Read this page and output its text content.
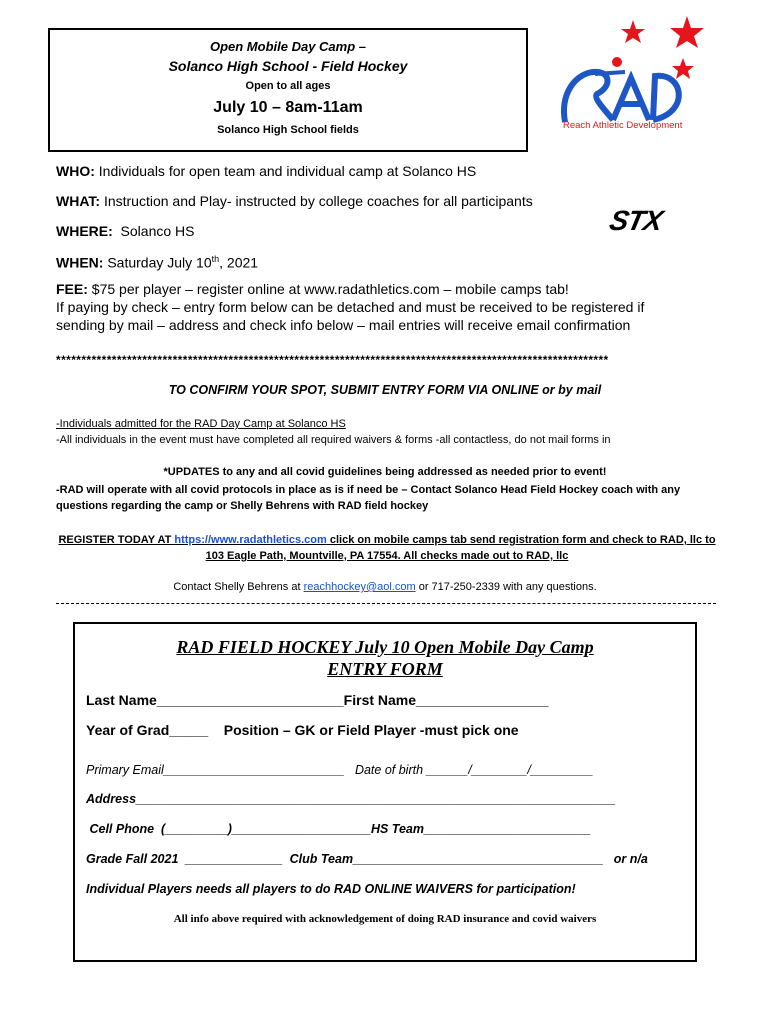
Open Mobile Day Camp –
Solanco High School - Field Hockey
Open to all ages
July 10 – 8am-11am
Solanco High School fields	Reach Athletic Development
STX
WHO: Individuals for open team and individual camp at Solanco HS
WHAT: Instruction and Play- instructed by college coaches for all participants
WHERE:  Solanco HS
WHEN: Saturday July 10th, 2021
FEE: $75 per player – register online at www.radathletics.com – mobile camps tab!
If paying by check – entry form below can be detached and must be received to be registered if
sending by mail – address and check info below – mail entries will receive email confirmation
*************************************************************************************************************
TO CONFIRM YOUR SPOT, SUBMIT ENTRY FORM VIA ONLINE or by mail
-Individuals admitted for the RAD Day Camp at Solanco HS
-All individuals in the event must have completed all required waivers & forms -all contactless, do not mail forms in
*UPDATES to any and all covid guidelines being addressed as needed prior to event!
-RAD will operate with all covid protocols in place as is if need be – Contact Solanco Head Field Hockey coach with any questions regarding the camp or Shelly Behrens with RAD field hockey
REGISTER TODAY AT https://www.radathletics.com click on mobile camps tab send registration form and check to RAD, llc to 103 Eagle Path, Mountville, PA 17554. All checks made out to RAD, llc
Contact Shelly Behrens at reachhockey@aol.com or 717-250-2339 with any questions.
RAD FIELD HOCKEY July 10 Open Mobile Day Camp
ENTRY FORM
Last Name________________________First Name_________________
Year of Grad_____    Position – GK or Field Player -must pick one
Primary Email__________________________   Date of birth ______/________/_________
Address_____________________________________________________________________
Cell Phone  (_________)____________________HS Team________________________
Grade Fall 2021  ______________  Club Team____________________________________   or n/a
Individual Players needs all players to do RAD ONLINE WAIVERS for participation!
All info above required with acknowledgement of doing RAD insurance and covid waivers
